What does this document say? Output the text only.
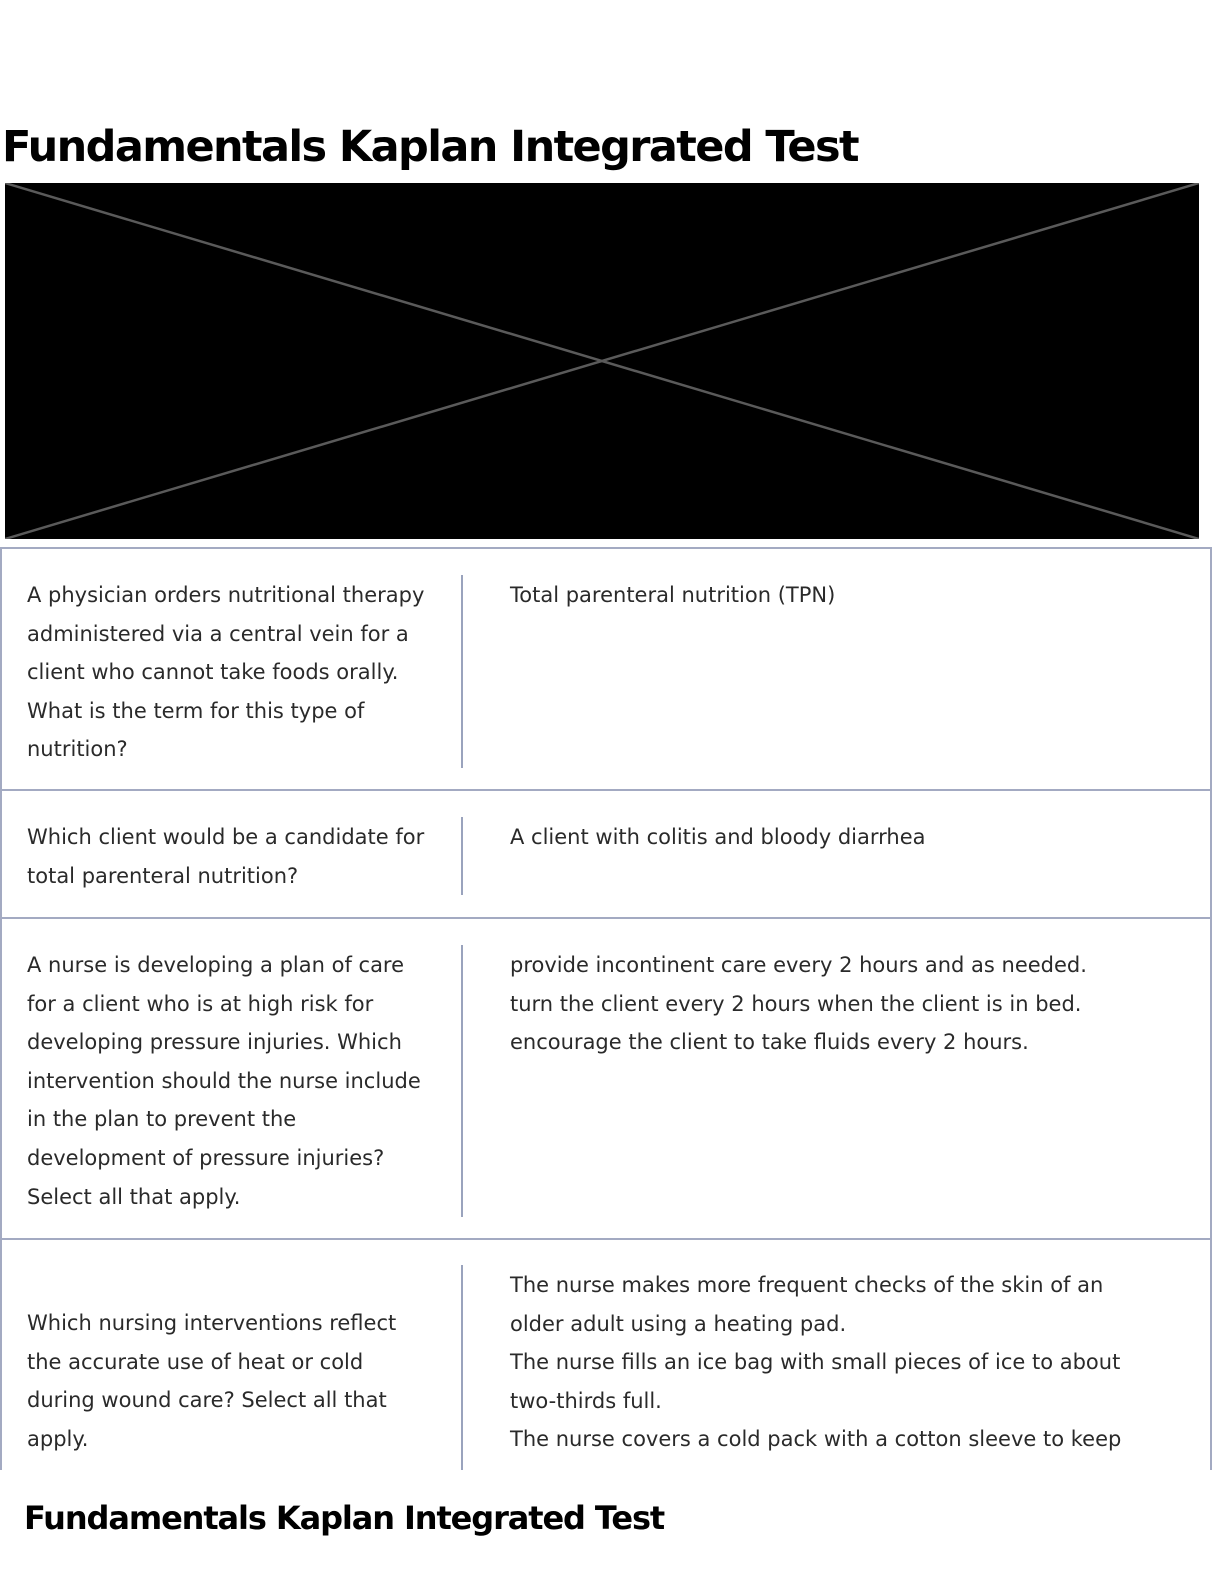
Fundamentals Kaplan Integrated Test

A physician orders nutritional therapy administered via a central vein for a client who cannot take foods orally. What is the term for this type of nutrition?

Total parenteral nutrition (TPN)

Which client would be a candidate for total parenteral nutrition?

A client with colitis and bloody diarrhea

A nurse is developing a plan of care for a client who is at high risk for developing pressure injuries. Which intervention should the nurse include in the plan to prevent the development of pressure injuries? Select all that apply.

provide incontinent care every 2 hours and as needed.
turn the client every 2 hours when the client is in bed.
encourage the client to take fluids every 2 hours.

Which nursing interventions reflect the accurate use of heat or cold during wound care? Select all that apply.

The nurse makes more frequent checks of the skin of an
older adult using a heating pad.
The nurse fills an ice bag with small pieces of ice to about
two-thirds full.
The nurse covers a cold pack with a cotton sleeve to keep
Fundamentals Kaplan Integrated Test
